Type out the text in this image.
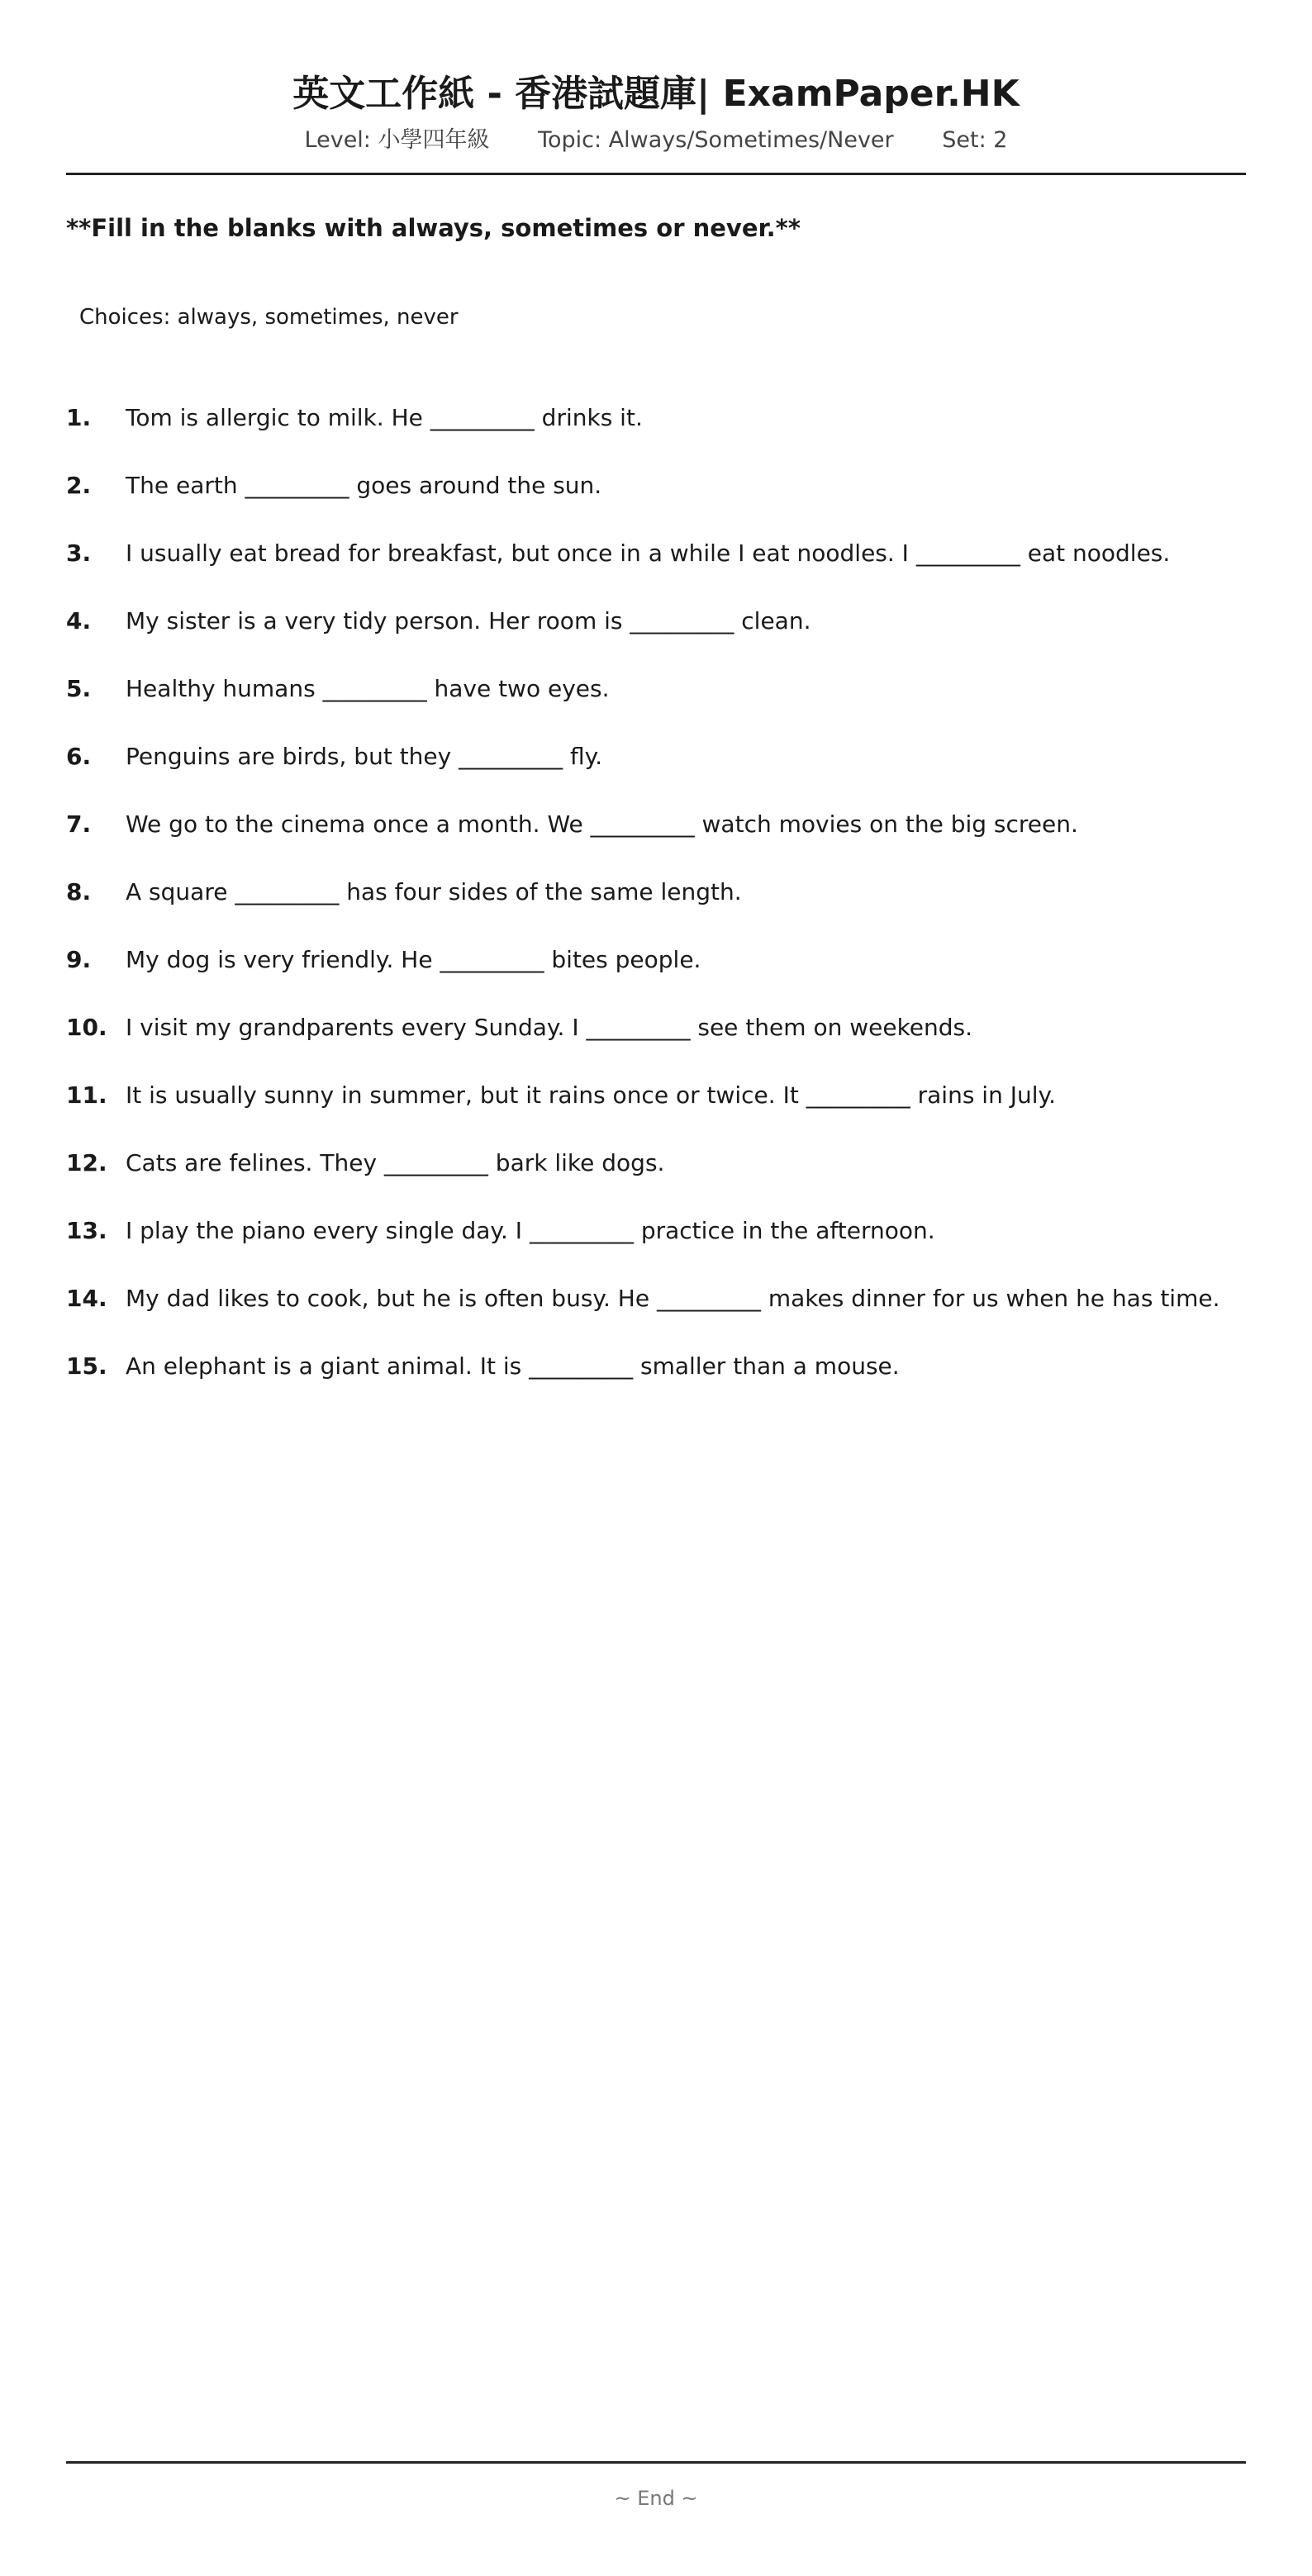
英文工作紙 - 香港試題庫| ExamPaper.HK
Level: 小學四年級 Topic: Always/Sometimes/Never Set: 2
**Fill in the blanks with always, sometimes or never.**
Choices: always, sometimes, never
1.	Tom is allergic to milk. He _________ drinks it.
2.	The earth _________ goes around the sun.
3.	I usually eat bread for breakfast, but once in a while I eat noodles. I _________ eat noodles.
4.	My sister is a very tidy person. Her room is _________ clean.
5.	Healthy humans _________ have two eyes.
6.	Penguins are birds, but they _________ fly.
7.	We go to the cinema once a month. We _________ watch movies on the big screen.
8.	A square _________ has four sides of the same length.
9.	My dog is very friendly. He _________ bites people.
10. I visit my grandparents every Sunday. I _________ see them on weekends.
11. It is usually sunny in summer, but it rains once or twice. It _________ rains in July.
12. Cats are felines. They _________ bark like dogs.
13. I play the piano every single day. I _________ practice in the afternoon.
14. My dad likes to cook, but he is often busy. He _________ makes dinner for us when he has time.
15. An elephant is a giant animal. It is _________ smaller than a mouse.
~ End ~
